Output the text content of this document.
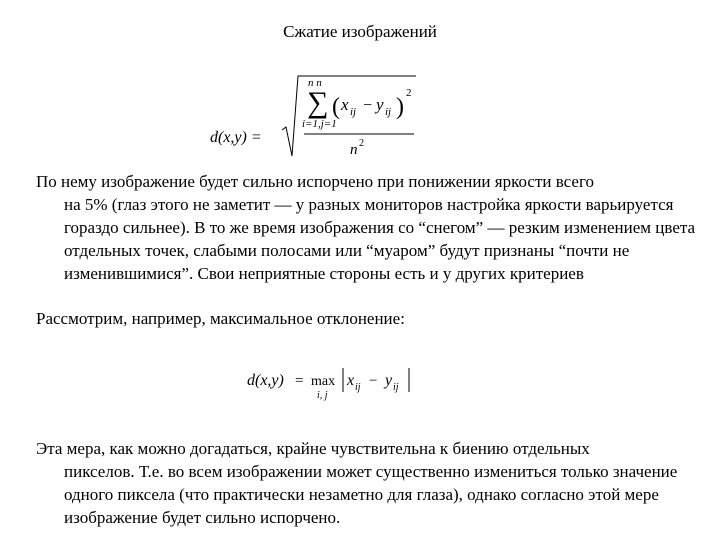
Сжатие изображений
d(x,y) =
n n
∑
i=1,j=1
( x ij − y ij )
2
n 2
По нему изображение будет сильно испорчено при понижении яркости всего
на 5% (глаз этого не заметит — у разных мониторов настройка яркости варьируется гораздо сильнее). В то же время изображения со “снегом” — резким изменением цвета отдельных точек, слабыми полосами или “муаром” будут признаны “почти не изменившимися”. Свои неприятные стороны есть и у других критериев
Рассмотрим, например, максимальное отклонение:
d(x,y) = max
i, j
x ij − y ij
Эта мера, как можно догадаться, крайне чувствительна к биению отдельных
пикселов. Т.е. во всем изображении может существенно измениться только значение одного пиксела (что практически незаметно для глаза), однако согласно этой мере изображение будет сильно испорчено.
